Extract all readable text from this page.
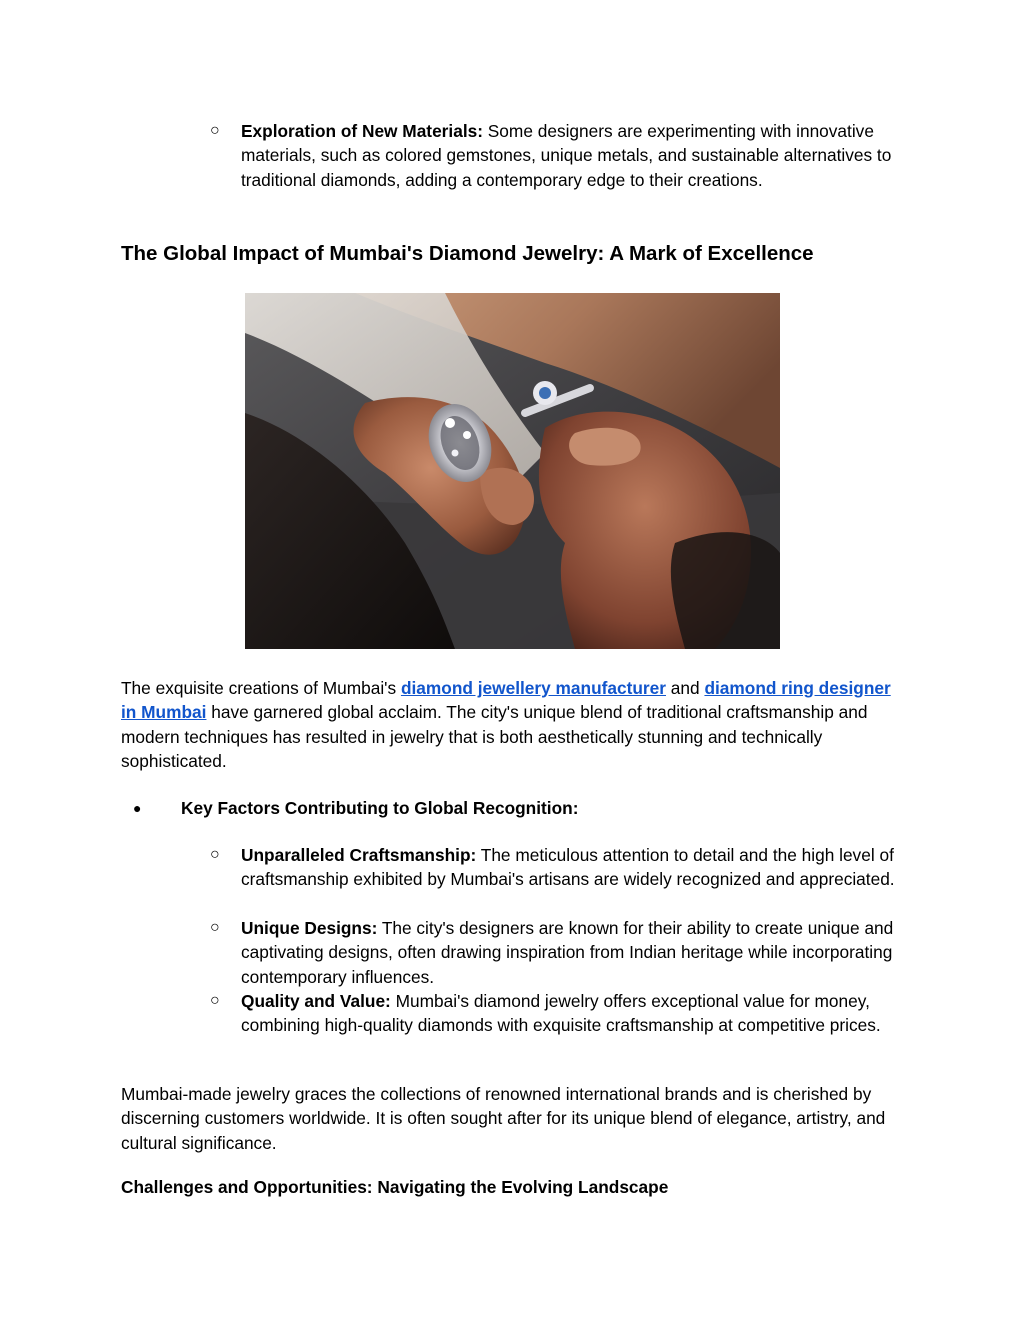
○	Exploration of New Materials: Some designers are experimenting with innovative materials, such as colored gemstones, unique metals, and sustainable alternatives to traditional diamonds, adding a contemporary edge to their creations.
The Global Impact of Mumbai's Diamond Jewelry: A Mark of Excellence
The exquisite creations of Mumbai's diamond jewellery manufacturer and diamond ring designer in Mumbai have garnered global acclaim. The city's unique blend of traditional craftsmanship and modern techniques has resulted in jewelry that is both aesthetically stunning and technically sophisticated.
●	Key Factors Contributing to Global Recognition:
○	Unparalleled Craftsmanship: The meticulous attention to detail and the high level of craftsmanship exhibited by Mumbai's artisans are widely recognized and appreciated.
○	Unique Designs: The city's designers are known for their ability to create unique and captivating designs, often drawing inspiration from Indian heritage while incorporating contemporary influences.
○	Quality and Value: Mumbai's diamond jewelry offers exceptional value for money, combining high-quality diamonds with exquisite craftsmanship at competitive prices.
Mumbai-made jewelry graces the collections of renowned international brands and is cherished by discerning customers worldwide. It is often sought after for its unique blend of elegance, artistry, and cultural significance.
Challenges and Opportunities: Navigating the Evolving Landscape
